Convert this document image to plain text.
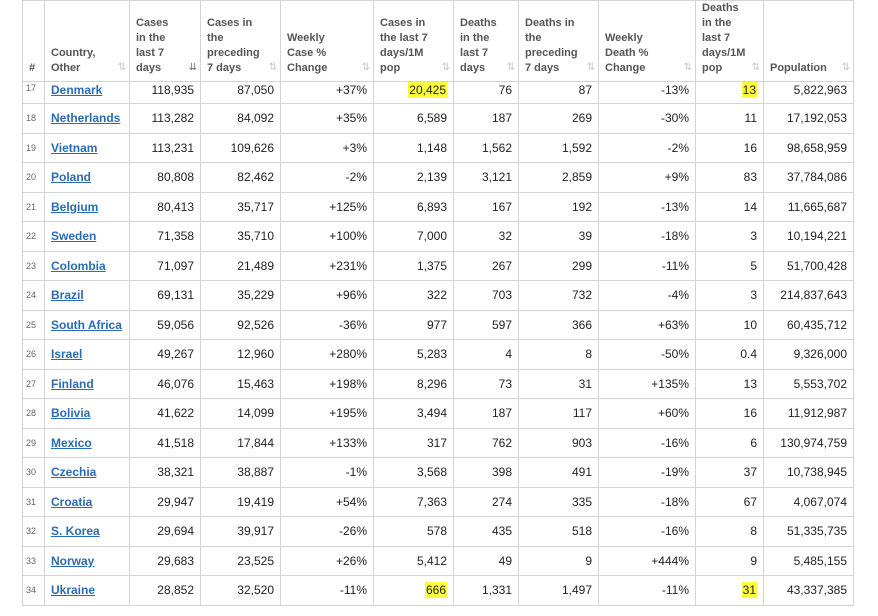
#	Country, Other ⇅	Cases in the last 7 days ⇊	Cases in the preceding 7 days ⇅	Weekly Case % Change ⇅	Cases in the last 7 days/1M pop ⇅	Deaths in the last 7 days ⇅	Deaths in the preceding 7 days ⇅	Weekly Death % Change ⇅	Deaths in the last 7 days/1M pop ⇅	Population ⇅

17	Denmark	118,935	87,050	+37%	20,425	76	87	-13%	13	5,822,963
18	Netherlands	113,282	84,092	+35%	6,589	187	269	-30%	11	17,192,053
19	Vietnam	113,231	109,626	+3%	1,148	1,562	1,592	-2%	16	98,658,959
20	Poland	80,808	82,462	-2%	2,139	3,121	2,859	+9%	83	37,784,086
21	Belgium	80,413	35,717	+125%	6,893	167	192	-13%	14	11,665,687
22	Sweden	71,358	35,710	+100%	7,000	32	39	-18%	3	10,194,221
23	Colombia	71,097	21,489	+231%	1,375	267	299	-11%	5	51,700,428
24	Brazil	69,131	35,229	+96%	322	703	732	-4%	3	214,837,643
25	South Africa	59,056	92,526	-36%	977	597	366	+63%	10	60,435,712
26	Israel	49,267	12,960	+280%	5,283	4	8	-50%	0.4	9,326,000
27	Finland	46,076	15,463	+198%	8,296	73	31	+135%	13	5,553,702
28	Bolivia	41,622	14,099	+195%	3,494	187	117	+60%	16	11,912,987
29	Mexico	41,518	17,844	+133%	317	762	903	-16%	6	130,974,759
30	Czechia	38,321	38,887	-1%	3,568	398	491	-19%	37	10,738,945
31	Croatia	29,947	19,419	+54%	7,363	274	335	-18%	67	4,067,074
32	S. Korea	29,694	39,917	-26%	578	435	518	-16%	8	51,335,735
33	Norway	29,683	23,525	+26%	5,412	49	9	+444%	9	5,485,155
34	Ukraine	28,852	32,520	-11%	666	1,331	1,497	-11%	31	43,337,385
